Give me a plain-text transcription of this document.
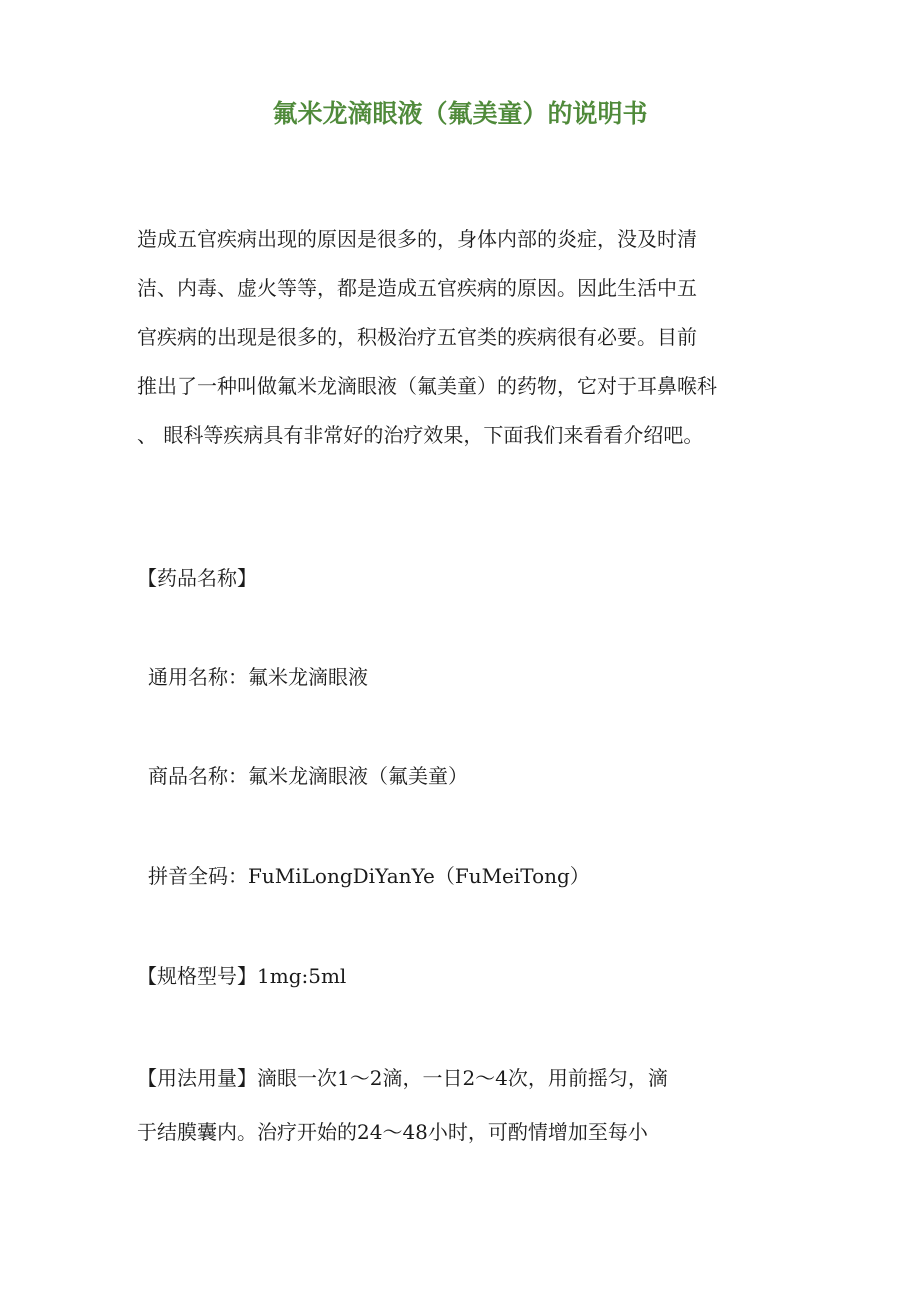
氟米龙滴眼液（氟美童）的说明书
造成五官疾病出现的原因是很多的，身体内部的炎症，没及时清
洁、内毒、虚火等等，都是造成五官疾病的原因。因此生活中五
官疾病的出现是很多的，积极治疗五官类的疾病很有必要。目前
推出了一种叫做氟米龙滴眼液（氟美童）的药物，它对于耳鼻喉科
、 眼科等疾病具有非常好的治疗效果，下面我们来看看介绍吧。
【药品名称】
通用名称：氟米龙滴眼液
商品名称：氟米龙滴眼液（氟美童）
拼音全码：FuMiLongDiYanYe（FuMeiTong）
【规格型号】1mg:5ml
【用法用量】滴眼一次1～2滴，一日2～4次，用前摇匀，滴
于结膜囊内。治疗开始的24～48小时，可酌情增加至每小
